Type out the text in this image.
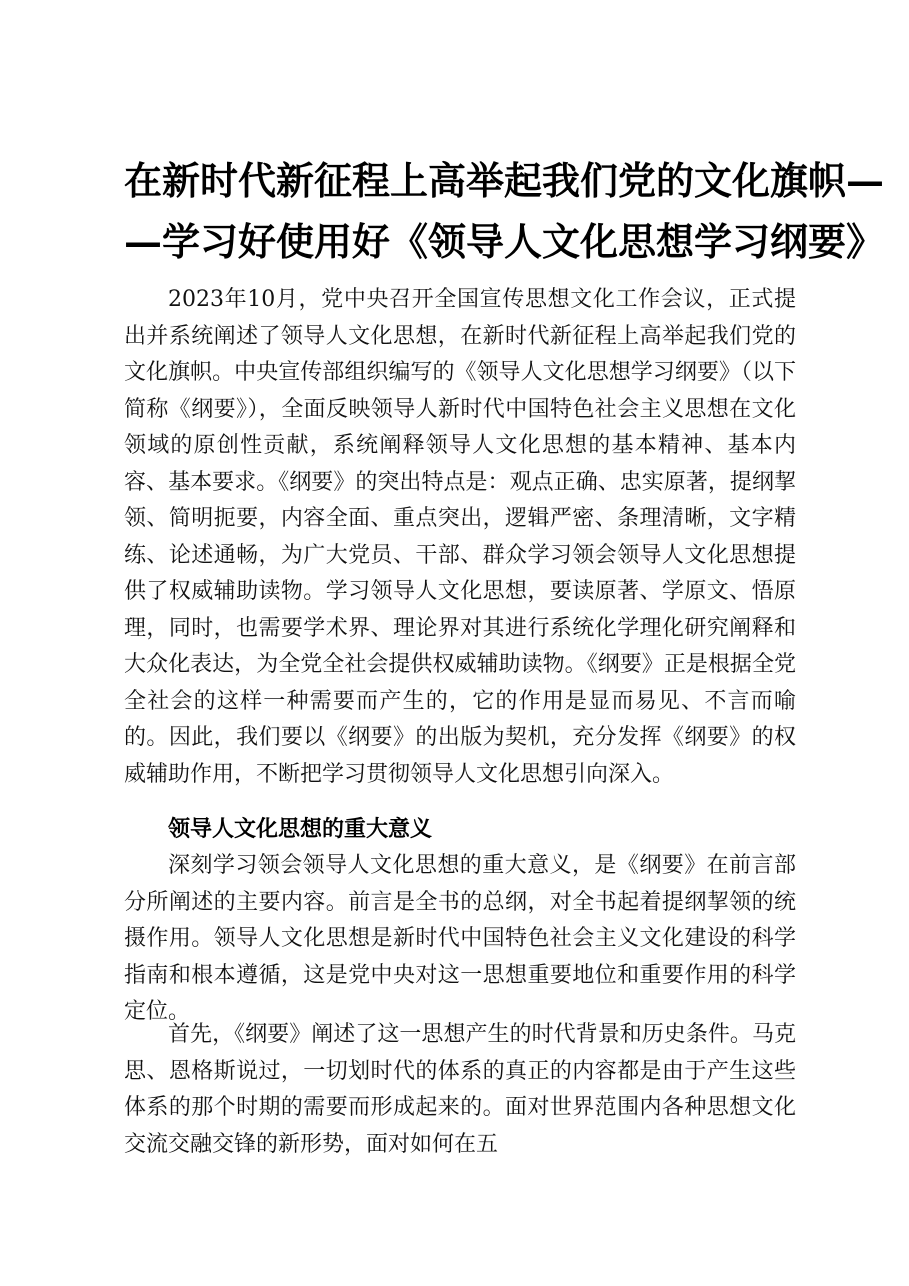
在新时代新征程上高举起我们党的文化旗帜—
—学习好使用好《领导人文化思想学习纲要》

2023年10月，党中央召开全国宣传思想文化工作会议，正式提出并系统阐述了领导人文化思想，在新时代新征程上高举起我们党的文化旗帜。中央宣传部组织编写的《领导人文化思想学习纲要》（以下简称《纲要》），全面反映领导人新时代中国特色社会主义思想在文化领域的原创性贡献，系统阐释领导人文化思想的基本精神、基本内容、基本要求。《纲要》的突出特点是：观点正确、忠实原著，提纲挈领、简明扼要，内容全面、重点突出，逻辑严密、条理清晰，文字精练、论述通畅，为广大党员、干部、群众学习领会领导人文化思想提供了权威辅助读物。学习领导人文化思想，要读原著、学原文、悟原理，同时，也需要学术界、理论界对其进行系统化学理化研究阐释和大众化表达，为全党全社会提供权威辅助读物。《纲要》正是根据全党全社会的这样一种需要而产生的，它的作用是显而易见、不言而喻的。因此，我们要以《纲要》的出版为契机，充分发挥《纲要》的权威辅助作用，不断把学习贯彻领导人文化思想引向深入。

领导人文化思想的重大意义

深刻学习领会领导人文化思想的重大意义，是《纲要》在前言部分所阐述的主要内容。前言是全书的总纲，对全书起着提纲挈领的统摄作用。领导人文化思想是新时代中国特色社会主义文化建设的科学指南和根本遵循，这是党中央对这一思想重要地位和重要作用的科学定位。

首先，《纲要》阐述了这一思想产生的时代背景和历史条件。马克思、恩格斯说过，一切划时代的体系的真正的内容都是由于产生这些体系的那个时期的需要而形成起来的。面对世界范围内各种思想文化交流交融交锋的新形势，面对如何在五
